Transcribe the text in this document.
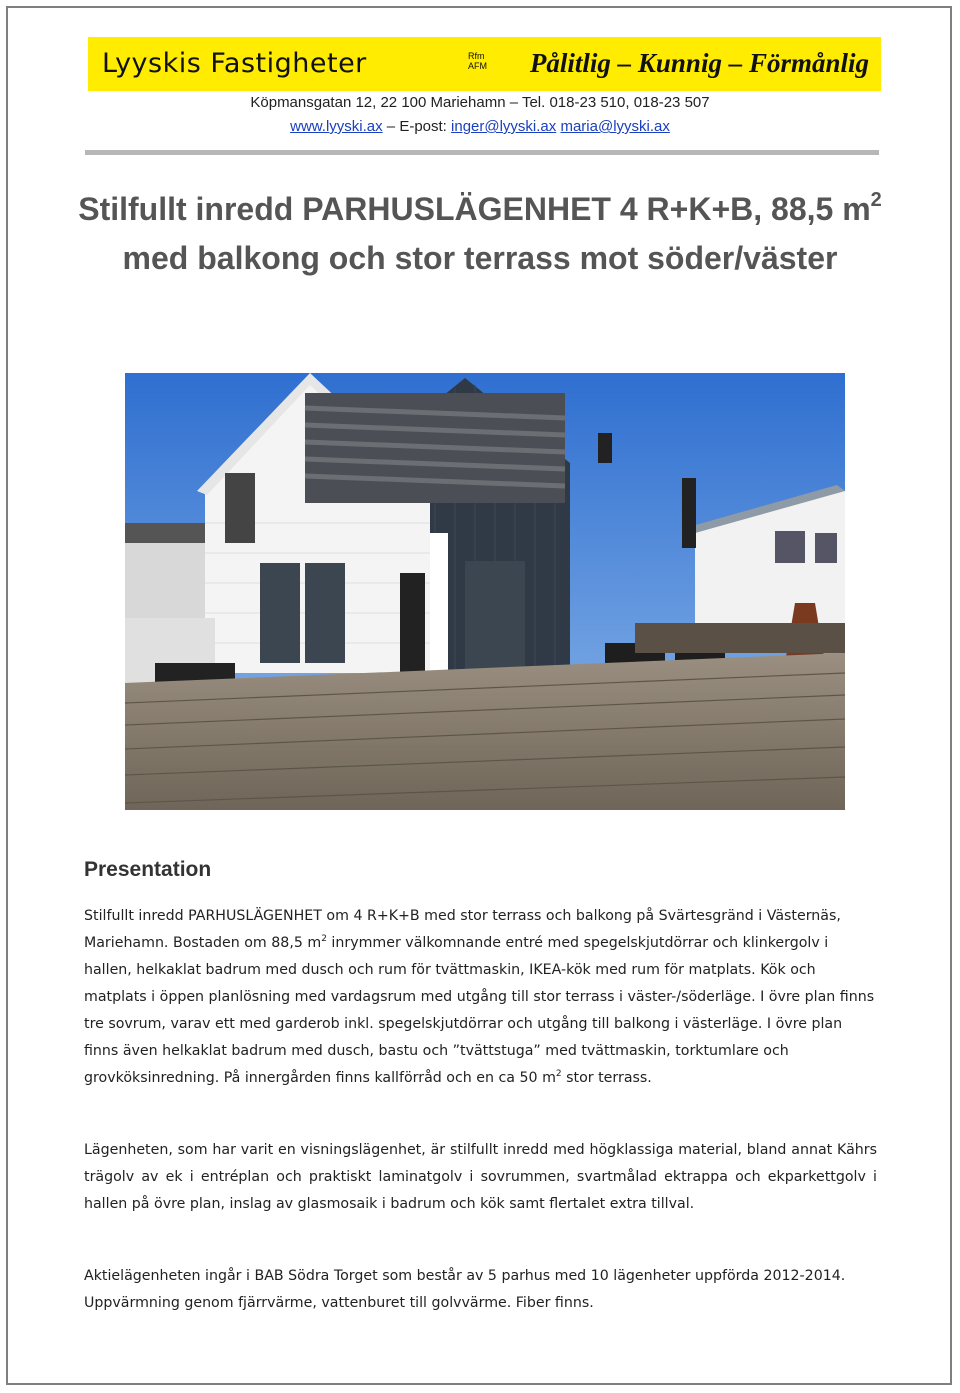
Lyyskis Fastigheter	Rfm
AFM Pålitlig – Kunnig – Förmånlig
Köpmansgatan 12, 22 100 Mariehamn – Tel. 018-23 510, 018-23 507
www.lyyski.ax – E-post: inger@lyyski.ax maria@lyyski.ax
Stilfullt inredd PARHUSLÄGENHET 4 R+K+B, 88,5 $m^2$
med balkong och stor terrass mot söder/väster
Presentation

Stilfullt inredd PARHUSLÄGENHET om 4 R+K+B med stor terrass och balkong på Svärtesgränd i Västernäs, Mariehamn. Bostaden om 88,5 $m^2$ inrymmer välkomnande entré med spegelskjutdörrar och klinkergolv i hallen, helkaklat badrum med dusch och rum för tvättmaskin, IKEA-kök med rum för matplats. Kök och matplats i öppen planlösning med vardagsrum med utgång till stor terrass i väster-/söderläge. I övre plan finns tre sovrum, varav ett med garderob inkl. spegelskjutdörrar och utgång till balkong i västerläge. I övre plan finns även helkaklat badrum med dusch, bastu och ”tvättstuga” med tvättmaskin, torktumlare och grovköksinredning. På innergården finns kallförråd och en ca 50 $m^2$ stor terrass.

Lägenheten, som har varit en visningslägenhet, är stilfullt inredd med högklassiga material, bland annat Kährs trägolv av ek i entréplan och praktiskt laminatgolv i sovrummen, svartmålad ektrappa och ekparkettgolv i hallen på övre plan, inslag av glasmosaik i badrum och kök samt flertalet extra tillval.

Aktielägenheten ingår i BAB Södra Torget som består av 5 parhus med 10 lägenheter uppförda 2012-2014. Uppvärmning genom fjärrvärme, vattenburet till golvvärme. Fiber finns.
